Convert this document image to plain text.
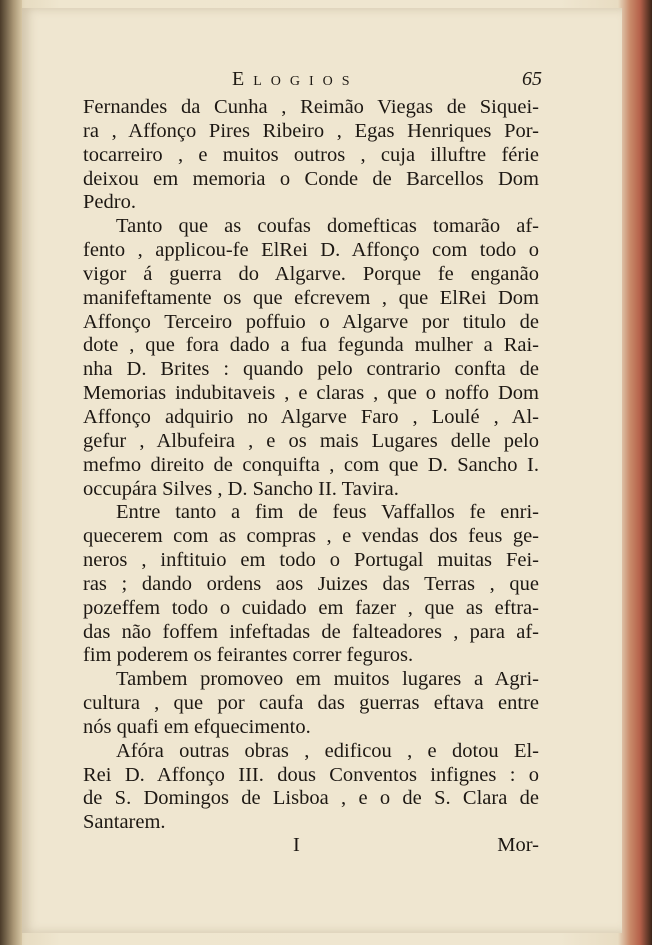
Elogios	65
Fernandes da Cunha , Reimão Viegas de Siquei-
ra , Affonço Pires Ribeiro , Egas Henriques Por-
tocarreiro , e muitos outros , cuja illuftre férie
deixou em memoria o Conde de Barcellos Dom
Pedro.
Tanto que as coufas domefticas tomarão af-
fento , applicou-fe ElRei D. Affonço com todo o
vigor á guerra do Algarve. Porque fe enganão
manifeftamente os que efcrevem , que ElRei Dom
Affonço Terceiro poffuio o Algarve por titulo de
dote , que fora dado a fua fegunda mulher a Rai-
nha D. Brites : quando pelo contrario confta de
Memorias indubitaveis , e claras , que o noffo Dom
Affonço adquirio no Algarve Faro , Loulé , Al-
gefur , Albufeira , e os mais Lugares delle pelo
mefmo direito de conquifta , com que D. Sancho I.
occupára Silves , D. Sancho II. Tavira.
Entre tanto a fim de feus Vaffallos fe enri-
quecerem com as compras , e vendas dos feus ge-
neros , inftituio em todo o Portugal muitas Fei-
ras ; dando ordens aos Juizes das Terras , que
pozeffem todo o cuidado em fazer , que as eftra-
das não foffem infeftadas de falteadores , para af-
fim poderem os feirantes correr feguros.
Tambem promoveo em muitos lugares a Agri-
cultura , que por caufa das guerras eftava entre
nós quafi em efquecimento.
Afóra outras obras , edificou , e dotou El-
Rei D. Affonço III. dous Conventos infignes : o
de S. Domingos de Lisboa , e o de S. Clara de
Santarem.
I	Mor-
